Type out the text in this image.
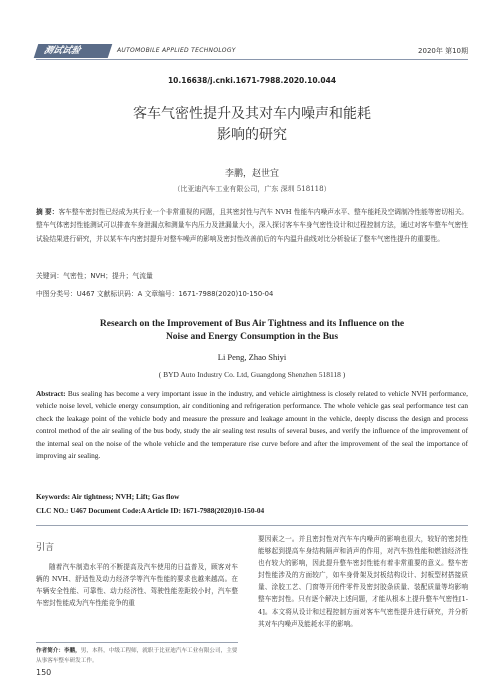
测试试验	AUTOMOBILE APPLIED TECHNOLOGY	2020年 第10期
10.16638/j.cnki.1671-7988.2020.10.044
客车气密性提升及其对车内噪声和能耗
影响的研究
李鹏，赵世宜
（比亚迪汽车工业有限公司，广东 深圳 518118）
摘 要：客车整车密封性已经成为其行业一个非常重视的问题，且其密封性与汽车 NVH 性能车内噪声水平、整车能耗及空调制冷性能等密切相关。整车气体密封性能测试可以排查车身泄漏点和测量车内压力及泄漏量大小，深入探讨客车车身气密性设计和过程控制方法，通过对客车整车气密性试验结果进行研究，并以某车车内密封提升对整车噪声的影响及密封性改善前后的车内温升曲线对比分析验证了整车气密性提升的重要性。
关键词：气密性；NVH；提升；气流量
中图分类号：U467 文献标识码：A 文章编号：1671-7988(2020)10-150-04
Research on the Improvement of Bus Air Tightness and its Influence on the
Noise and Energy Consumption in the Bus
Li Peng, Zhao Shiyi
( BYD Auto Industry Co. Ltd, Guangdong Shenzhen 518118 )
Abstract: Bus sealing has become a very important issue in the industry, and vehicle airtightness is closely related to vehicle NVH performance, vehicle noise level, vehicle energy consumption, air conditioning and refrigeration performance. The whole vehicle gas seal performance test can check the leakage point of the vehicle body and measure the pressure and leakage amount in the vehicle, deeply discuss the design and process control method of the air sealing of the bus body, study the air sealing test results of several buses, and verify the influence of the improvement of the internal seal on the noise of the whole vehicle and the temperature rise curve before and after the improvement of the seal the importance of improving air sealing.
Keywords: Air tightness; NVH; Lift; Gas flow
CLC NO.: U467 Document Code:A Article ID: 1671-7988(2020)10-150-04
引言
随着汽车制造水平的不断提高及汽车使用的日益普及，顾客对车辆的 NVH、舒适性及动力经济学等汽车性能的要求也越来越高。在车辆安全性能、可靠性、动力经济性、驾驶性能差距较小时，汽车整车密封性能成为汽车性能竞争的重
要因素之一。并且密封性对汽车车内噪声的影响也很大，较好的密封性能够起到提高车身结构隔声和消声的作用，对汽车热性能和燃油经济性也有较大的影响，因此提升整车密封性能有着非常重要的意义。整车密封性能涉及的方面较广，如车身骨架及封板结构设计、封板型材搭接质量、涂胶工艺、门窗等开闭件零件及密封胶条质量、装配质量等均影响整车密封性。只有逐个解决上述问题，才能从根本上提升整车气密性[1-4]。本文将从设计和过程控制方面对客车气密性提升进行研究，并分析其对车内噪声及能耗水平的影响。
作者简介：李鹏，男，本科，中级工程师，就职于比亚迪汽车工业有限公司，主要从事客车整车研发工作。
150
